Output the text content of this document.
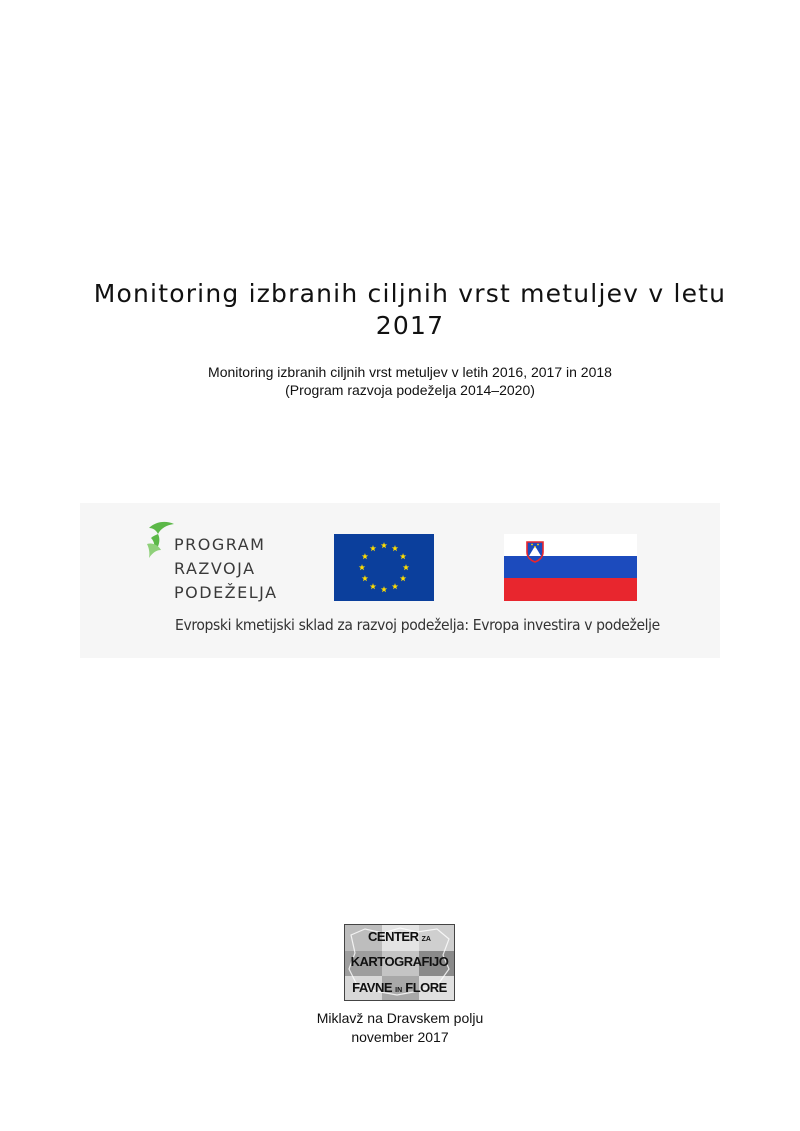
Monitoring izbranih ciljnih vrst metuljev v letu
2017
Monitoring izbranih ciljnih vrst metuljev v letih 2016, 2017 in 2018
(Program razvoja podeželja 2014–2020)
PROGRAM
RAZVOJA
PODEŽELJA
Evropski kmetijski sklad za razvoj podeželja: Evropa investira v podeželje
CENTER ZA
KARTOGRAFIJO
FAVNE IN FLORE
Miklavž na Dravskem polju
november 2017
